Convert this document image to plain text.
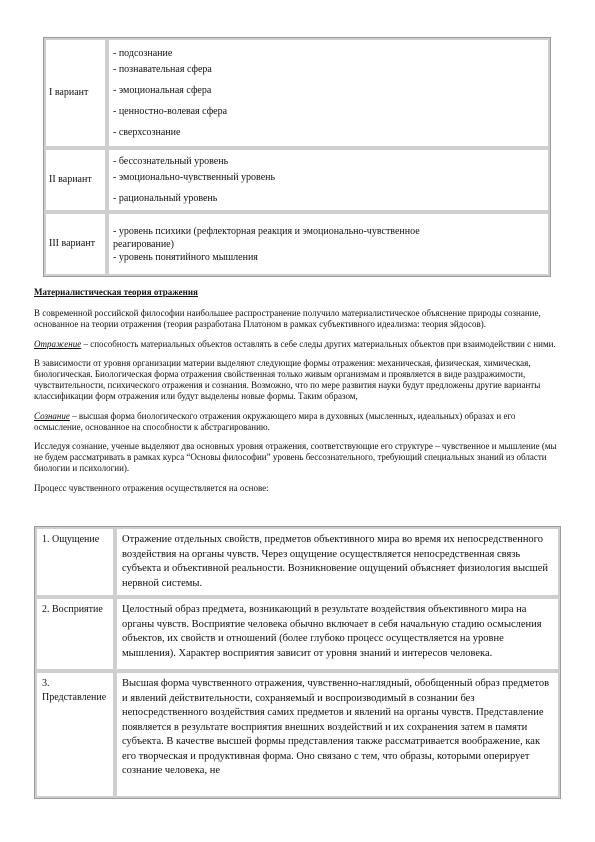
I вариант	- подсознание
- познавательная сфера
- эмоциональная сфера
- ценностно-волевая сфера
- сверхсознание

II вариант	- бессознательный уровень
- эмоционально-чувственный уровень
- рациональный уровень

III вариант	- уровень психики (рефлекторная реакция и эмоционально-чувственное реагирование)
- уровень понятийного мышления

Материалистическая теория отражения

В современной российской философии наибольшее распространение получило материалистическое объяснение природы сознание, основанное на теории отражения (теория разработана Платоном в рамках субъективного идеализма: теория эйдосов).

Отражение – способность материальных объектов оставлять в себе следы других материальных объектов при взаимодействии с ними.

В зависимости от уровня организации материи выделяют следующие формы отражения: механическая, физическая, химическая, биологическая. Биологическая форма отражения свойственная только живым организмам и проявляется в виде раздражимости, чувствительности, психического отражения и сознания. Возможно, что по мере развития науки будут предложены другие варианты классификации форм отражения или будут выделены новые формы. Таким образом,

Сознание – высшая форма биологического отражения окружающего мира в духовных (мысленных, идеальных) образах и его осмысление, основанное на способности к абстрагированию.

Исследуя сознание, ученые выделяют два основных уровня отражения, соответствующие его структуре – чувственное и мышление (мы не будем рассматривать в рамках курса “Основы философии” уровень бессознательного, требующий специальных знаний из области биологии и психологии).

Процесс чувственного отражения осуществляется на основе:

1. Ощущение	Отражение отдельных свойств, предметов объективного мира во время их непосредственного воздействия на органы чувств. Через ощущение осуществляется непосредственная связь субъекта и объективной реальности. Возникновение ощущений объясняет физиология высшей нервной системы.
2. Восприятие	Целостный образ предмета, возникающий в результате воздействия объективного мира на органы чувств. Восприятие человека обычно включает в себя начальную стадию осмысления объектов, их свойств и отношений (более глубоко процесс осуществляется на уровне мышления). Характер восприятия зависит от уровня знаний и интересов человека.
3. Представление	Высшая форма чувственного отражения, чувственно-наглядный, обобщенный образ предметов и явлений действительности, сохраняемый и воспроизводимый в сознании без непосредственного воздействия самих предметов и явлений на органы чувств. Представление появляется в результате восприятия внешних воздействий и их сохранения затем в памяти субъекта. В качестве высшей формы представления также рассматривается воображение, как его творческая и продуктивная форма. Оно связано с тем, что образы, которыми оперирует сознание человека, не
